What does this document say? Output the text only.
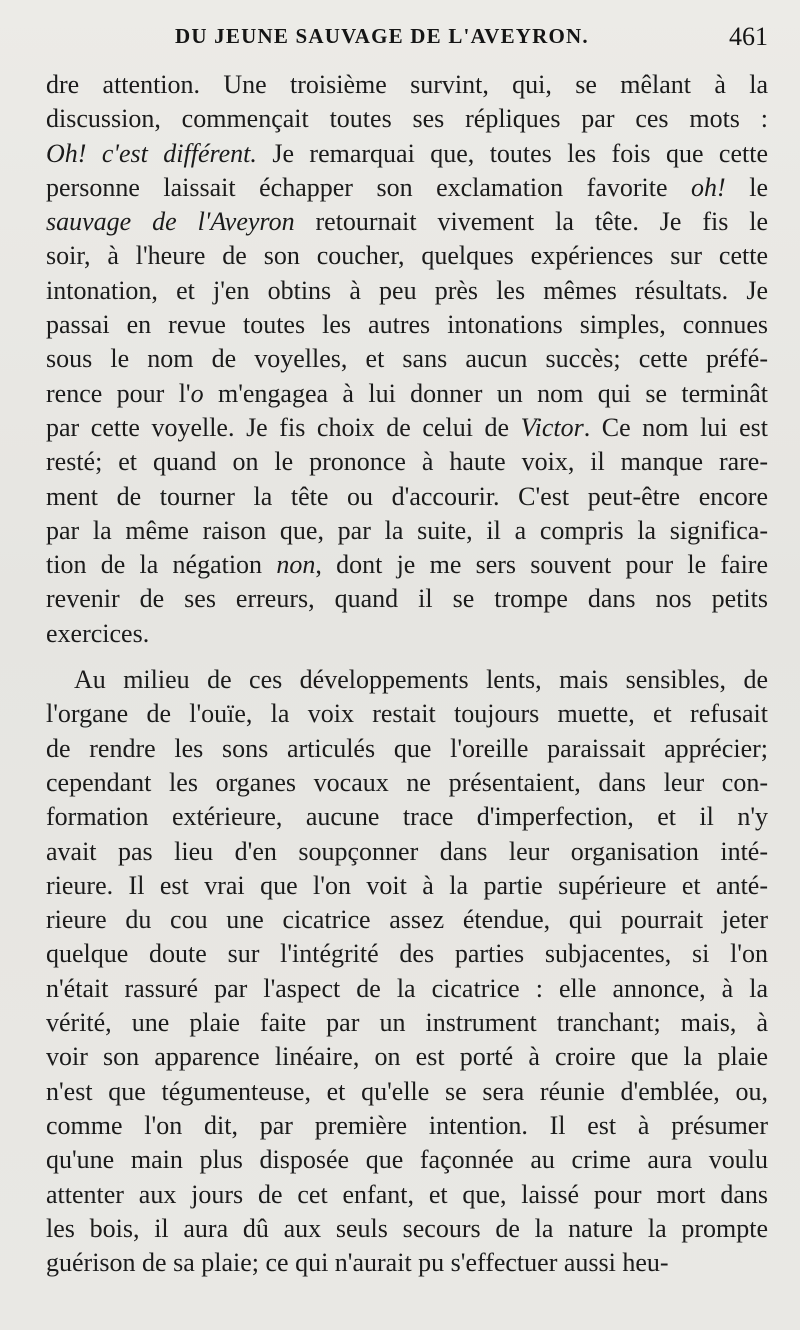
DU JEUNE SAUVAGE DE L'AVEYRON.	461
dre attention. Une troisième survint, qui, se mêlant à la
discussion, commençait toutes ses répliques par ces mots :
Oh! c'est différent. Je remarquai que, toutes les fois que cette
personne laissait échapper son exclamation favorite oh! le
sauvage de l'Aveyron retournait vivement la tête. Je fis le
soir, à l'heure de son coucher, quelques expériences sur cette
intonation, et j'en obtins à peu près les mêmes résultats. Je
passai en revue toutes les autres intonations simples, connues
sous le nom de voyelles, et sans aucun succès; cette préfé-
rence pour l'o m'engagea à lui donner un nom qui se terminât
par cette voyelle. Je fis choix de celui de Victor. Ce nom lui est
resté; et quand on le prononce à haute voix, il manque rare-
ment de tourner la tête ou d'accourir. C'est peut-être encore
par la même raison que, par la suite, il a compris la significa-
tion de la négation non, dont je me sers souvent pour le faire
revenir de ses erreurs, quand il se trompe dans nos petits
exercices.
Au milieu de ces développements lents, mais sensibles, de
l'organe de l'ouïe, la voix restait toujours muette, et refusait
de rendre les sons articulés que l'oreille paraissait apprécier;
cependant les organes vocaux ne présentaient, dans leur con-
formation extérieure, aucune trace d'imperfection, et il n'y
avait pas lieu d'en soupçonner dans leur organisation inté-
rieure. Il est vrai que l'on voit à la partie supérieure et anté-
rieure du cou une cicatrice assez étendue, qui pourrait jeter
quelque doute sur l'intégrité des parties subjacentes, si l'on
n'était rassuré par l'aspect de la cicatrice : elle annonce, à la
vérité, une plaie faite par un instrument tranchant; mais, à
voir son apparence linéaire, on est porté à croire que la plaie
n'est que tégumenteuse, et qu'elle se sera réunie d'emblée, ou,
comme l'on dit, par première intention. Il est à présumer
qu'une main plus disposée que façonnée au crime aura voulu
attenter aux jours de cet enfant, et que, laissé pour mort dans
les bois, il aura dû aux seuls secours de la nature la prompte
guérison de sa plaie; ce qui n'aurait pu s'effectuer aussi heu-
